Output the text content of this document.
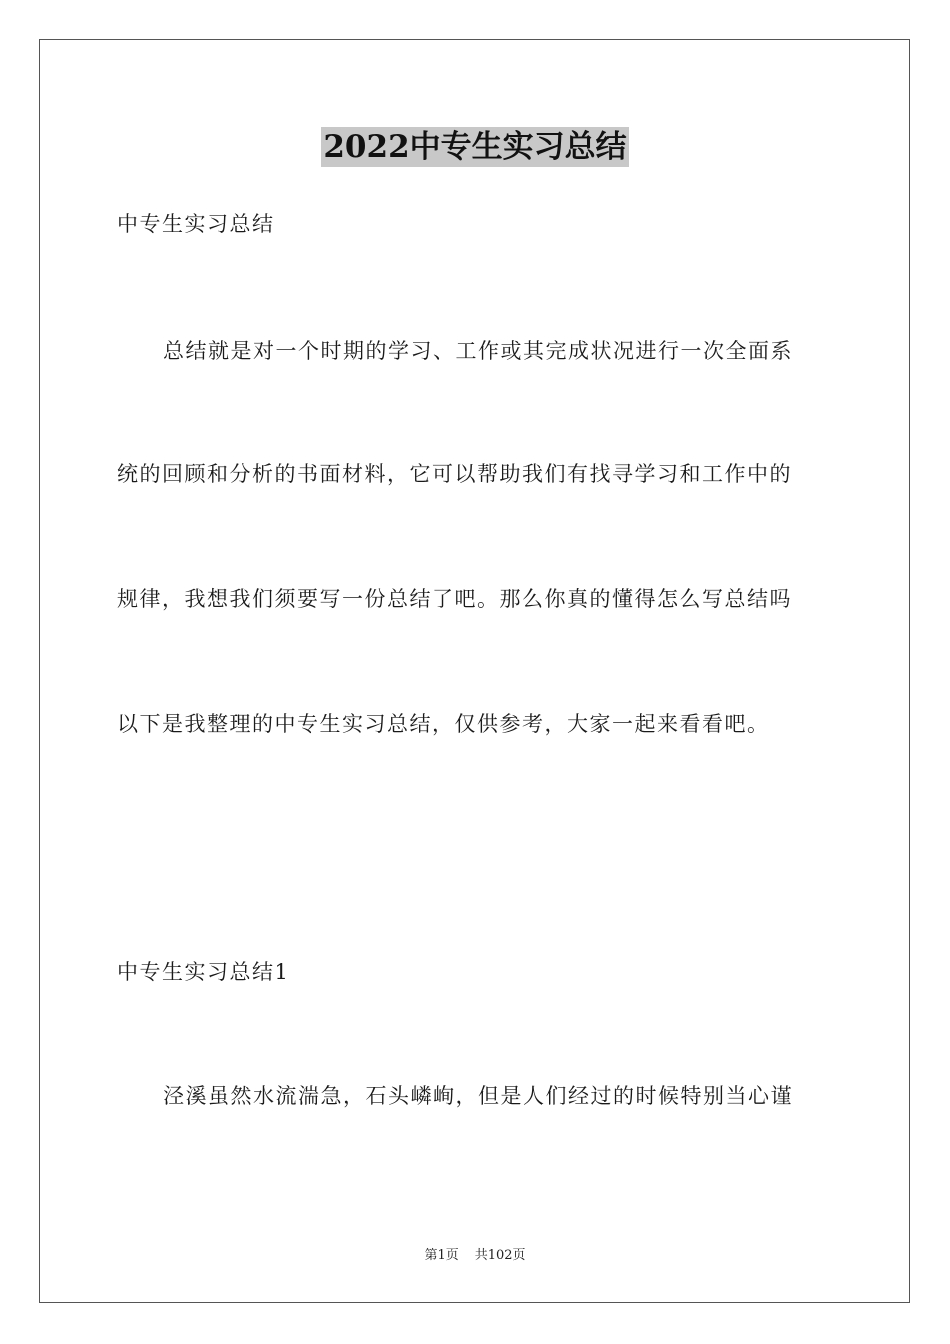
2022中专生实习总结
中专生实习总结
总结就是对一个时期的学习、工作或其完成状况进行一次全面系
统的回顾和分析的书面材料，它可以帮助我们有找寻学习和工作中的
规律，我想我们须要写一份总结了吧。那么你真的懂得怎么写总结吗
以下是我整理的中专生实习总结，仅供参考，大家一起来看看吧。
中专生实习总结1
泾溪虽然水流湍急，石头嶙峋，但是人们经过的时候特别当心谨
第1页 共102页
